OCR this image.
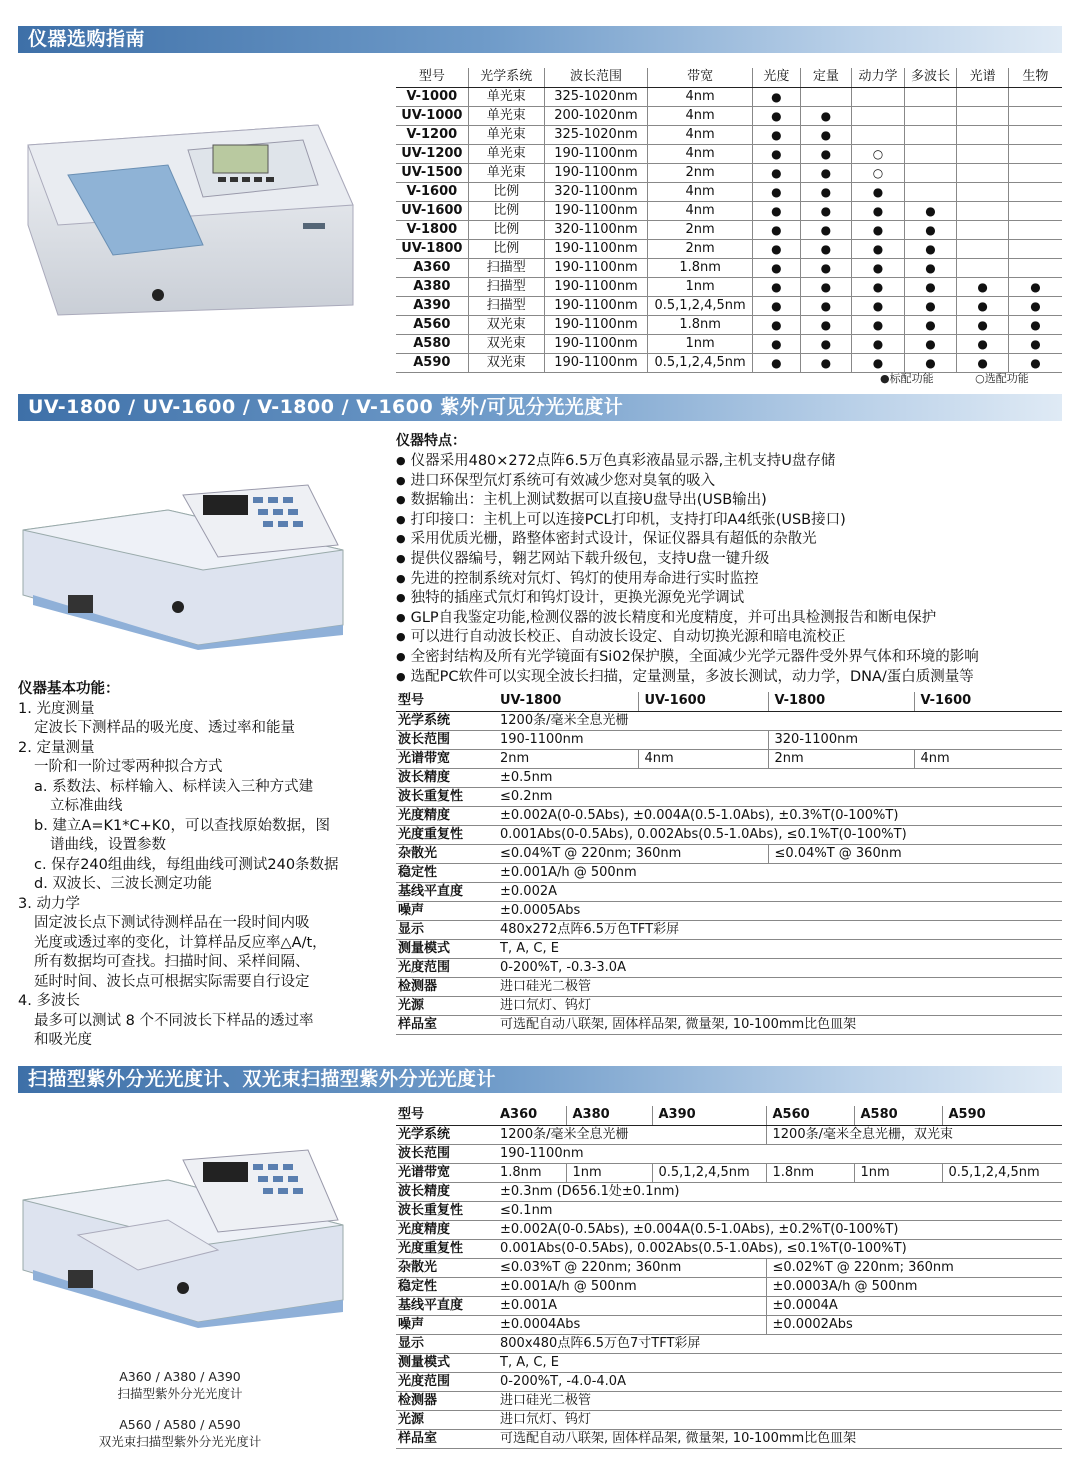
仪器选购指南
UV-1800 / UV-1600 / V-1800 / V-1600 紫外/可见分光光度计
扫描型紫外分光光度计、双光束扫描型紫外分光光度计
型号	光学系统	波长范围	带宽	光度	定量	动力学	多波长	光谱	生物
V-1000	单光束	325-1020nm	4nm	●					
UV-1000	单光束	200-1020nm	4nm	●	●				
V-1200	单光束	325-1020nm	4nm	●	●				
UV-1200	单光束	190-1100nm	4nm	●	●	○			
UV-1500	单光束	190-1100nm	2nm	●	●	○			
V-1600	比例	320-1100nm	4nm	●	●	●			
UV-1600	比例	190-1100nm	4nm	●	●	●	●		
V-1800	比例	320-1100nm	2nm	●	●	●	●		
UV-1800	比例	190-1100nm	2nm	●	●	●	●		
A360	扫描型	190-1100nm	1.8nm	●	●	●	●		
A380	扫描型	190-1100nm	1nm	●	●	●	●	●	●
A390	扫描型	190-1100nm	0.5,1,2,4,5nm	●	●	●	●	●	●
A560	双光束	190-1100nm	1.8nm	●	●	●	●	●	●
A580	双光束	190-1100nm	1nm	●	●	●	●	●	●
A590	双光束	190-1100nm	0.5,1,2,4,5nm	●	●	●	●	●	●
●标配功能	○选配功能
仪器特点：
● 仪器采用480×272点阵6.5万色真彩液晶显示器,主机支持U盘存储
● 进口环保型氘灯系统可有效减少您对臭氧的吸入
● 数据输出：主机上测试数据可以直接U盘导出(USB输出)
● 打印接口：主机上可以连接PCL打印机，支持打印A4纸张(USB接口)
● 采用优质光栅，路整体密封式设计，保证仪器具有超低的杂散光
● 提供仪器编号，翱艺网站下载升级包，支持U盘一键升级
● 先进的控制系统对氘灯、钨灯的使用寿命进行实时监控
● 独特的插座式氘灯和钨灯设计，更换光源免光学调试
● GLP自我鉴定功能,检测仪器的波长精度和光度精度，并可出具检测报告和断电保护
● 可以进行自动波长校正、自动波长设定、自动切换光源和暗电流校正
● 全密封结构及所有光学镜面有Si02保护膜，全面减少光学元器件受外界气体和环境的影响
● 选配PC软件可以实现全波长扫描，定量测量，多波长测试，动力学，DNA/蛋白质测量等
仪器基本功能：
1. 光度测量
定波长下测样品的吸光度、透过率和能量
2. 定量测量
一阶和一阶过零两种拟合方式
a. 系数法、标样输入、标样读入三种方式建
立标准曲线
b. 建立A=K1*C+K0，可以查找原始数据，图
谱曲线，设置参数
c. 保存240组曲线，每组曲线可测试240条数据
d. 双波长、三波长测定功能
3. 动力学
固定波长点下测试待测样品在一段时间内吸
光度或透过率的变化，计算样品反应率△A/t，
所有数据均可查找。扫描时间、采样间隔、
延时时间、波长点可根据实际需要自行设定
4. 多波长
最多可以测试 8 个不同波长下样品的透过率
和吸光度
型号	UV-1800	UV-1600	V-1800	V-1600
光学系统	1200条/毫米全息光栅			
波长范围	190-1100nm		320-1100nm	
光谱带宽	2nm	4nm	2nm	4nm
波长精度	±0.5nm			
波长重复性	≤0.2nm			
光度精度	±0.002A(0-0.5Abs), ±0.004A(0.5-1.0Abs), ±0.3%T(0-100%T)			
光度重复性	0.001Abs(0-0.5Abs), 0.002Abs(0.5-1.0Abs), ≤0.1%T(0-100%T)			
杂散光	≤0.04%T @ 220nm; 360nm		≤0.04%T @ 360nm	
稳定性	±0.001A/h @ 500nm			
基线平直度	±0.002A			
噪声	±0.0005Abs			
显示	480x272点阵6.5万色TFT彩屏			
测量模式	T, A, C, E			
光度范围	0-200%T, -0.3-3.0A			
检测器	进口硅光二极管			
光源	进口氘灯、钨灯			
样品室	可选配自动八联架, 固体样品架, 微量架, 10-100mm比色皿架			
A360 / A380 / A390
扫描型紫外分光光度计
A560 / A580 / A590
双光束扫描型紫外分光光度计
型号	A360	A380	A390	A560	A580	A590
光学系统	1200条/毫米全息光栅			1200条/毫米全息光栅，双光束		
波长范围	190-1100nm					
光谱带宽	1.8nm	1nm	0.5,1,2,4,5nm	1.8nm	1nm	0.5,1,2,4,5nm
波长精度	±0.3nm (D656.1处±0.1nm)					
波长重复性	≤0.1nm					
光度精度	±0.002A(0-0.5Abs), ±0.004A(0.5-1.0Abs), ±0.2%T(0-100%T)					
光度重复性	0.001Abs(0-0.5Abs), 0.002Abs(0.5-1.0Abs), ≤0.1%T(0-100%T)					
杂散光	≤0.03%T @ 220nm; 360nm			≤0.02%T @ 220nm; 360nm		
稳定性	±0.001A/h @ 500nm			±0.0003A/h @ 500nm		
基线平直度	±0.001A			±0.0004A		
噪声	±0.0004Abs			±0.0002Abs		
显示	800x480点阵6.5万色7寸TFT彩屏					
测量模式	T, A, C, E					
光度范围	0-200%T, -4.0-4.0A					
检测器	进口硅光二极管					
光源	进口氘灯、钨灯					
样品室	可选配自动八联架, 固体样品架, 微量架, 10-100mm比色皿架					
